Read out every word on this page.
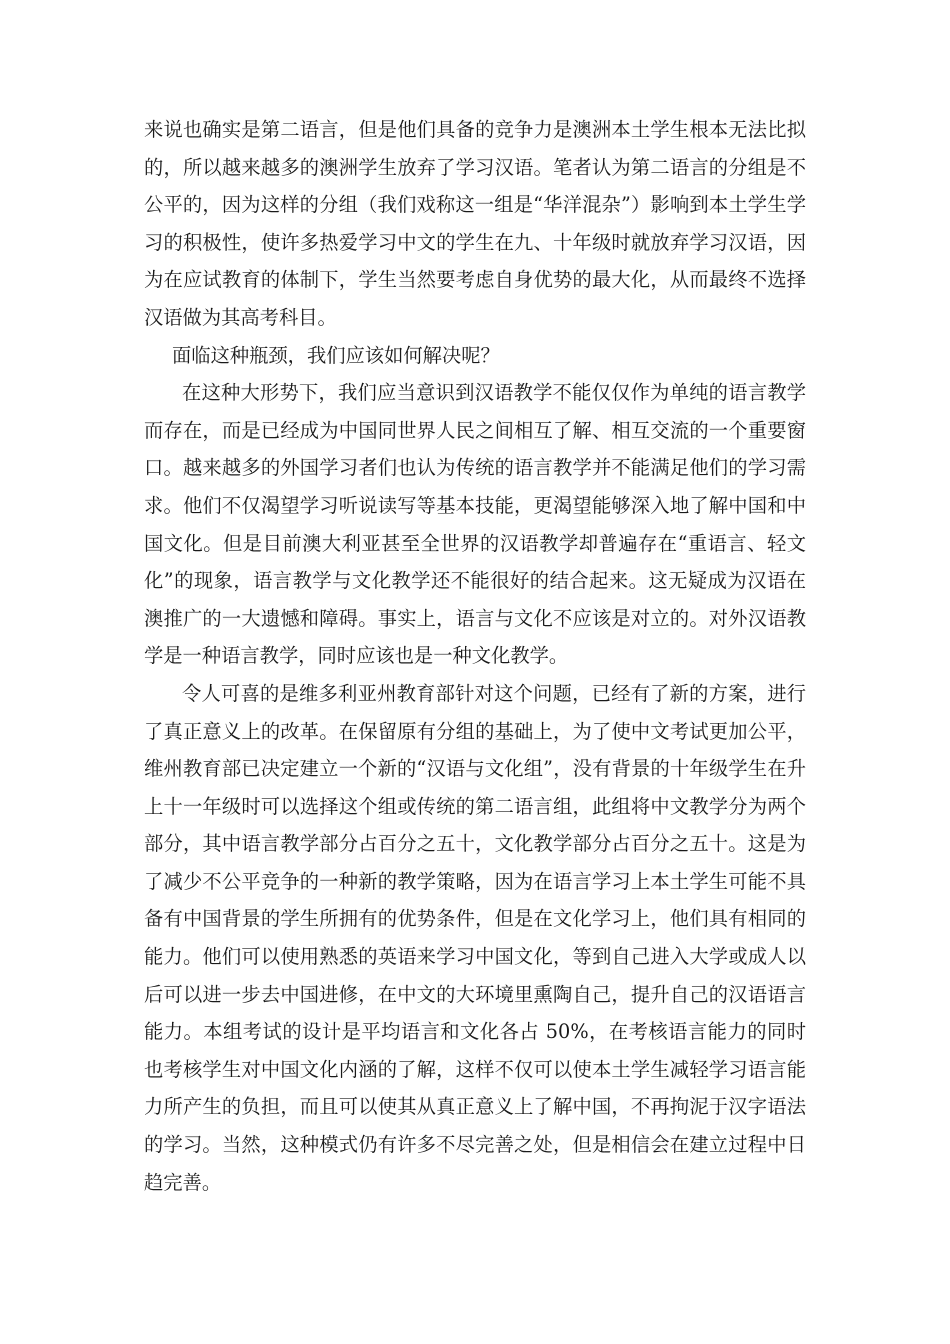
来说也确实是第二语言，但是他们具备的竞争力是澳洲本土学生根本无法比拟的，所以越来越多的澳洲学生放弃了学习汉语。笔者认为第二语言的分组是不公平的，因为这样的分组（我们戏称这一组是“华洋混杂”）影响到本土学生学习的积极性，使许多热爱学习中文的学生在九、十年级时就放弃学习汉语，因为在应试教育的体制下，学生当然要考虑自身优势的最大化，从而最终不选择汉语做为其高考科目。

面临这种瓶颈，我们应该如何解决呢？

在这种大形势下，我们应当意识到汉语教学不能仅仅作为单纯的语言教学而存在，而是已经成为中国同世界人民之间相互了解、相互交流的一个重要窗口。越来越多的外国学习者们也认为传统的语言教学并不能满足他们的学习需求。他们不仅渴望学习听说读写等基本技能，更渴望能够深入地了解中国和中国文化。但是目前澳大利亚甚至全世界的汉语教学却普遍存在“重语言、轻文化”的现象，语言教学与文化教学还不能很好的结合起来。这无疑成为汉语在澳推广的一大遗憾和障碍。事实上，语言与文化不应该是对立的。对外汉语教学是一种语言教学，同时应该也是一种文化教学。

令人可喜的是维多利亚州教育部针对这个问题，已经有了新的方案，进行了真正意义上的改革。在保留原有分组的基础上，为了使中文考试更加公平，维州教育部已决定建立一个新的“汉语与文化组”，没有背景的十年级学生在升上十一年级时可以选择这个组或传统的第二语言组，此组将中文教学分为两个部分，其中语言教学部分占百分之五十，文化教学部分占百分之五十。这是为了减少不公平竞争的一种新的教学策略，因为在语言学习上本土学生可能不具备有中国背景的学生所拥有的优势条件，但是在文化学习上，他们具有相同的能力。他们可以使用熟悉的英语来学习中国文化，等到自己进入大学或成人以后可以进一步去中国进修，在中文的大环境里熏陶自己，提升自己的汉语语言能力。本组考试的设计是平均语言和文化各占 50%，在考核语言能力的同时也考核学生对中国文化内涵的了解，这样不仅可以使本土学生减轻学习语言能力所产生的负担，而且可以使其从真正意义上了解中国，不再拘泥于汉字语法的学习。当然，这种模式仍有许多不尽完善之处，但是相信会在建立过程中日趋完善。
